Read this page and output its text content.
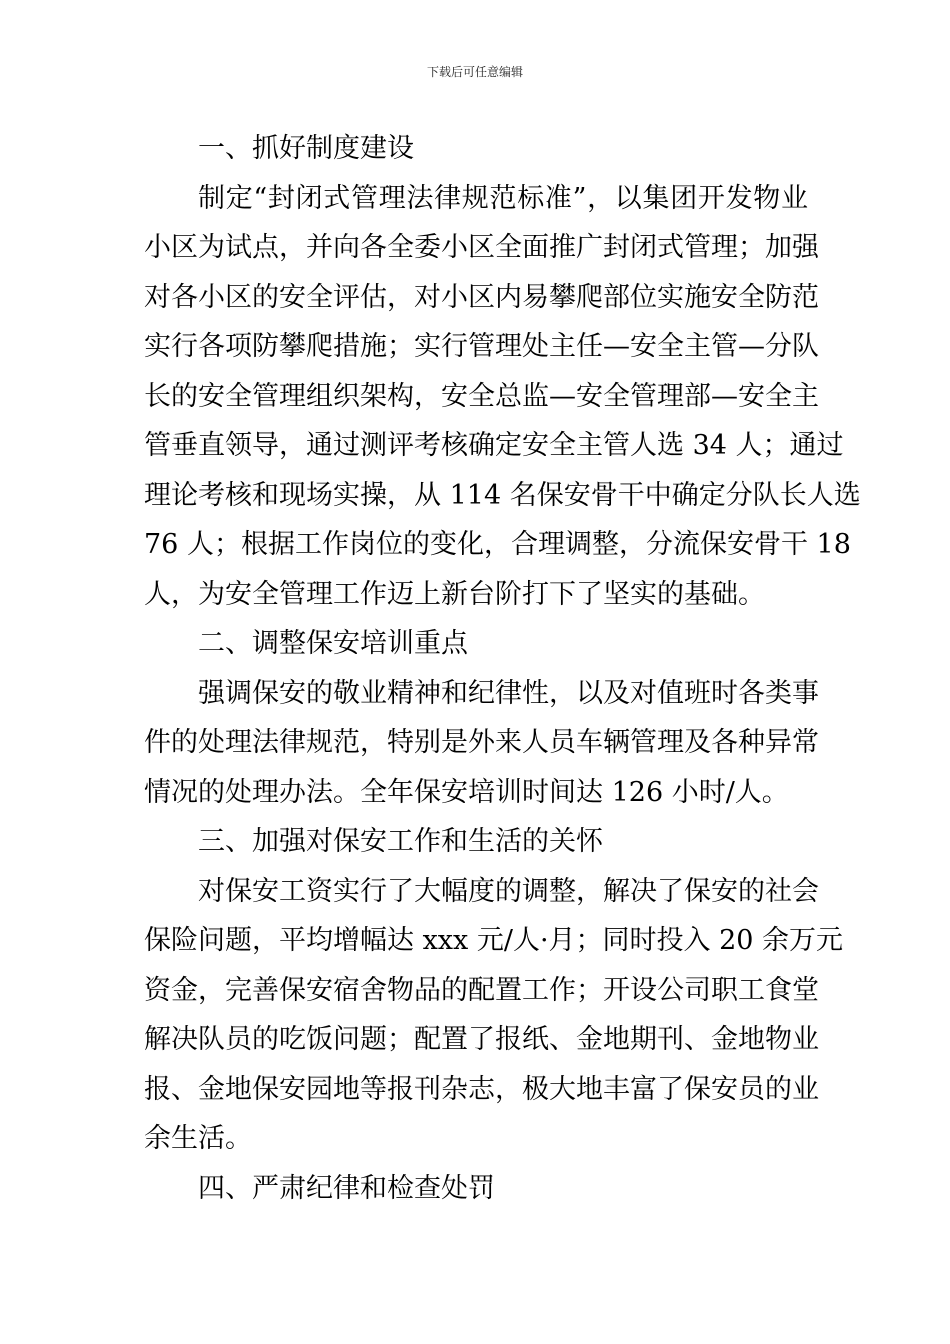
下载后可任意编辑
一、抓好制度建设
制定“封闭式管理法律规范标准”，以集团开发物业
小区为试点，并向各全委小区全面推广封闭式管理；加强
对各小区的安全评估，对小区内易攀爬部位实施安全防范
实行各项防攀爬措施；实行管理处主任—安全主管—分队
长的安全管理组织架构，安全总监—安全管理部—安全主
管垂直领导，通过测评考核确定安全主管人选 34 人；通过
理论考核和现场实操，从 114 名保安骨干中确定分队长人选
76 人；根据工作岗位的变化，合理调整，分流保安骨干 18
人，为安全管理工作迈上新台阶打下了坚实的基础。
二、调整保安培训重点
强调保安的敬业精神和纪律性，以及对值班时各类事
件的处理法律规范，特别是外来人员车辆管理及各种异常
情况的处理办法。全年保安培训时间达 126 小时/人。
三、加强对保安工作和生活的关怀
对保安工资实行了大幅度的调整，解决了保安的社会
保险问题，平均增幅达 xxx 元/人·月；同时投入 20 余万元
资金，完善保安宿舍物品的配置工作；开设公司职工食堂
解决队员的吃饭问题；配置了报纸、金地期刊、金地物业
报、金地保安园地等报刊杂志，极大地丰富了保安员的业
余生活。
四、严肃纪律和检查处罚
